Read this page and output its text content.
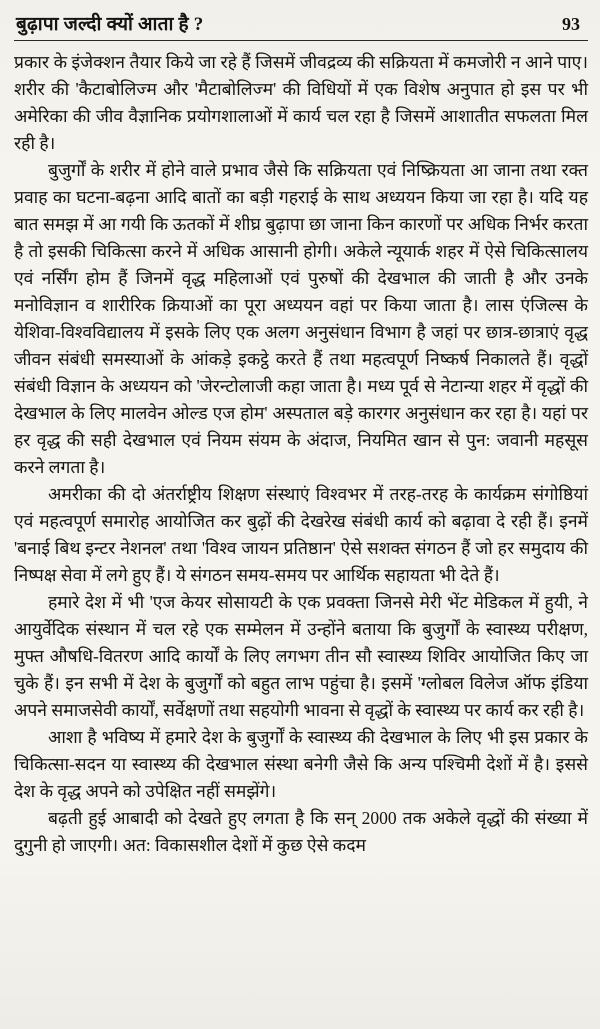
बुढ़ापा जल्दी क्यों आता है ?	93

प्रकार के इंजेक्शन तैयार किये जा रहे हैं जिसमें जीवद्रव्य की सक्रियता में कमजोरी न आने पाए। शरीर की 'कैटाबोलिज्म और 'मैटाबोलिज्म' की विधियों में एक विशेष अनुपात हो इस पर भी अमेरिका की जीव वैज्ञानिक प्रयोगशालाओं में कार्य चल रहा है जिसमें आशातीत सफलता मिल रही है।

बुजुर्गों के शरीर में होने वाले प्रभाव जैसे कि सक्रियता एवं निष्क्रियता आ जाना तथा रक्त प्रवाह का घटना-बढ़ना आदि बातों का बड़ी गहराई के साथ अध्ययन किया जा रहा है। यदि यह बात समझ में आ गयी कि ऊतकों में शीघ्र बुढ़ापा छा जाना किन कारणों पर अधिक निर्भर करता है तो इसकी चिकित्सा करने में अधिक आसानी होगी। अकेले न्यूयार्क शहर में ऐसे चिकित्सालय एवं नर्सिंग होम हैं जिनमें वृद्ध महिलाओं एवं पुरुषों की देखभाल की जाती है और उनके मनोविज्ञान व शारीरिक क्रियाओं का पूरा अध्ययन वहां पर किया जाता है। लास एंजिल्स के येशिवा-विश्वविद्यालय में इसके लिए एक अलग अनुसंधान विभाग है जहां पर छात्र-छात्राएं वृद्ध जीवन संबंधी समस्याओं के आंकड़े इकट्ठे करते हैं तथा महत्वपूर्ण निष्कर्ष निकालते हैं। वृद्धों संबंधी विज्ञान के अध्ययन को 'जेरन्टोलाजी कहा जाता है। मध्य पूर्व से नेटान्या शहर में वृद्धों की देखभाल के लिए मालवेन ओल्ड एज होम' अस्पताल बड़े कारगर अनुसंधान कर रहा है। यहां पर हर वृद्ध की सही देखभाल एवं नियम संयम के अंदाज, नियमित खान से पुन: जवानी महसूस करने लगता है।

अमरीका की दो अंतर्राष्ट्रीय शिक्षण संस्थाएं विश्वभर में तरह-तरह के कार्यक्रम संगोष्ठियां एवं महत्वपूर्ण समारोह आयोजित कर बुढ़ों की देखरेख संबंधी कार्य को बढ़ावा दे रही हैं। इनमें 'बनाई बिथ इन्टर नेशनल' तथा 'विश्व जायन प्रतिष्ठान' ऐसे सशक्त संगठन हैं जो हर समुदाय की निष्पक्ष सेवा में लगे हुए हैं। ये संगठन समय-समय पर आर्थिक सहायता भी देते हैं।

हमारे देश में भी 'एज केयर सोसायटी के एक प्रवक्ता जिनसे मेरी भेंट मेडिकल में हुयी, ने आयुर्वेदिक संस्थान में चल रहे एक सम्मेलन में उन्होंने बताया कि बुजुर्गों के स्वास्थ्य परीक्षण, मुफ्त औषधि-वितरण आदि कार्यों के लिए लगभग तीन सौ स्वास्थ्य शिविर आयोजित किए जा चुके हैं। इन सभी में देश के बुजुर्गों को बहुत लाभ पहुंचा है। इसमें 'ग्लोबल विलेज ऑफ इंडिया अपने समाजसेवी कार्यों, सर्वेक्षणों तथा सहयोगी भावना से वृद्धों के स्वास्थ्य पर कार्य कर रही है।

आशा है भविष्य में हमारे देश के बुजुर्गों के स्वास्थ्य की देखभाल के लिए भी इस प्रकार के चिकित्सा-सदन या स्वास्थ्य की देखभाल संस्था बनेगी जैसे कि अन्य पश्चिमी देशों में है। इससे देश के वृद्ध अपने को उपेक्षित नहीं समझेंगे।

बढ़ती हुई आबादी को देखते हुए लगता है कि सन् 2000 तक अकेले वृद्धों की संख्या में दुगुनी हो जाएगी। अत: विकासशील देशों में कुछ ऐसे कदम
